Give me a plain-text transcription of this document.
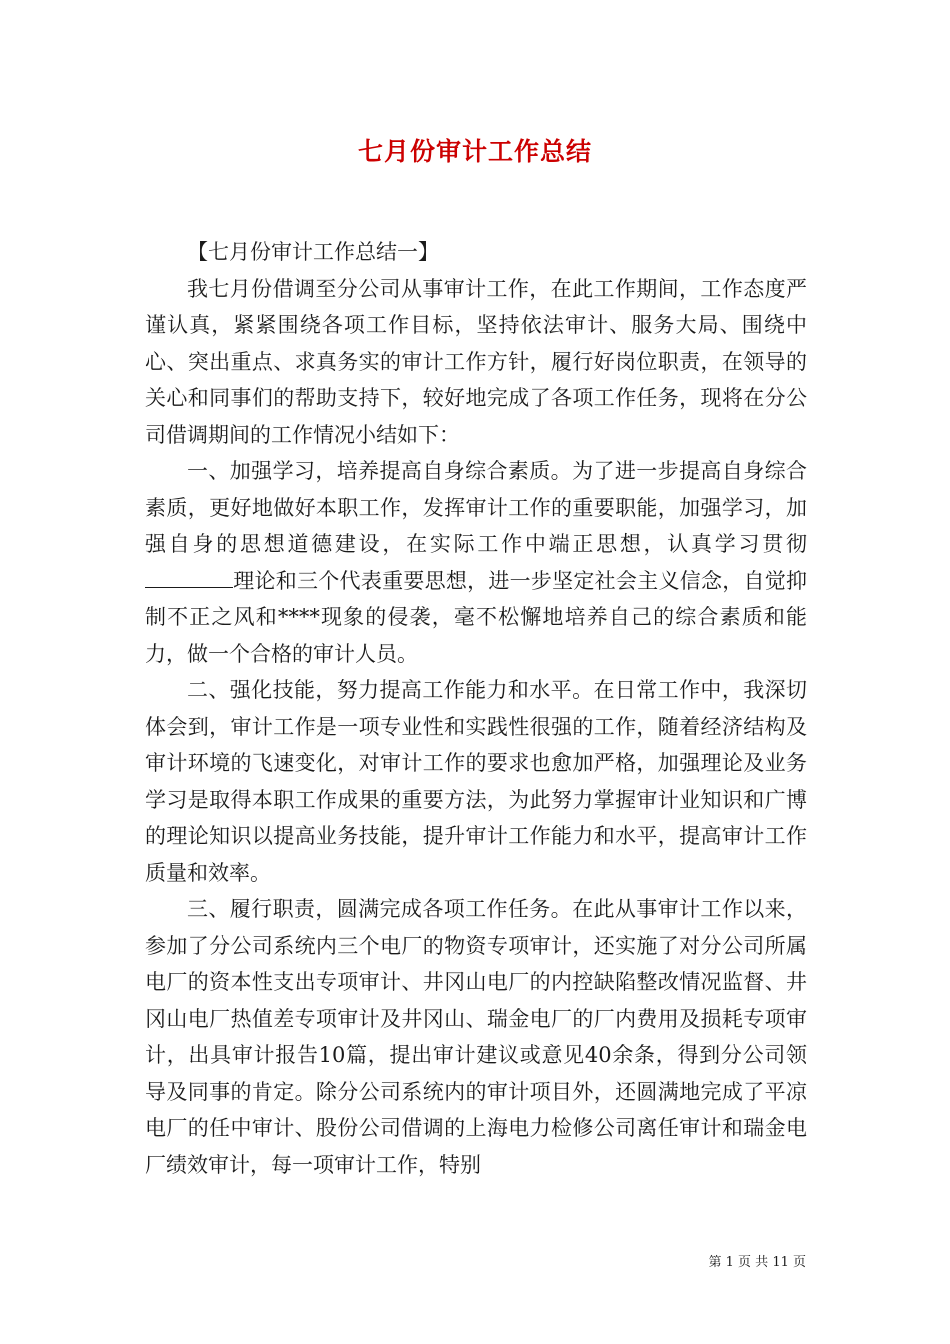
七月份审计工作总结

【七月份审计工作总结一】

我七月份借调至分公司从事审计工作，在此工作期间，工作态度严谨认真，紧紧围绕各项工作目标，坚持依法审计、服务大局、围绕中心、突出重点、求真务实的审计工作方针，履行好岗位职责，在领导的关心和同事们的帮助支持下，较好地完成了各项工作任务，现将在分公司借调期间的工作情况小结如下：

一、加强学习，培养提高自身综合素质。为了进一步提高自身综合素质，更好地做好本职工作，发挥审计工作的重要职能，加强学习，加强自身的思想道德建设，在实际工作中端正思想，认真学习贯彻理论和三个代表重要思想，进一步坚定社会主义信念，自觉抑制不正之风和****现象的侵袭，毫不松懈地培养自己的综合素质和能力，做一个合格的审计人员。

二、强化技能，努力提高工作能力和水平。在日常工作中，我深切体会到，审计工作是一项专业性和实践性很强的工作，随着经济结构及审计环境的飞速变化，对审计工作的要求也愈加严格，加强理论及业务学习是取得本职工作成果的重要方法，为此努力掌握审计业知识和广博的理论知识以提高业务技能，提升审计工作能力和水平，提高审计工作质量和效率。

三、履行职责，圆满完成各项工作任务。在此从事审计工作以来，参加了分公司系统内三个电厂的物资专项审计，还实施了对分公司所属电厂的资本性支出专项审计、井冈山电厂的内控缺陷整改情况监督、井冈山电厂热值差专项审计及井冈山、瑞金电厂的厂内费用及损耗专项审计，出具审计报告10篇，提出审计建议或意见40余条，得到分公司领导及同事的肯定。除分公司系统内的审计项目外，还圆满地完成了平凉电厂的任中审计、股份公司借调的上海电力检修公司离任审计和瑞金电厂绩效审计，每一项审计工作，特别

第 1 页 共 11 页
